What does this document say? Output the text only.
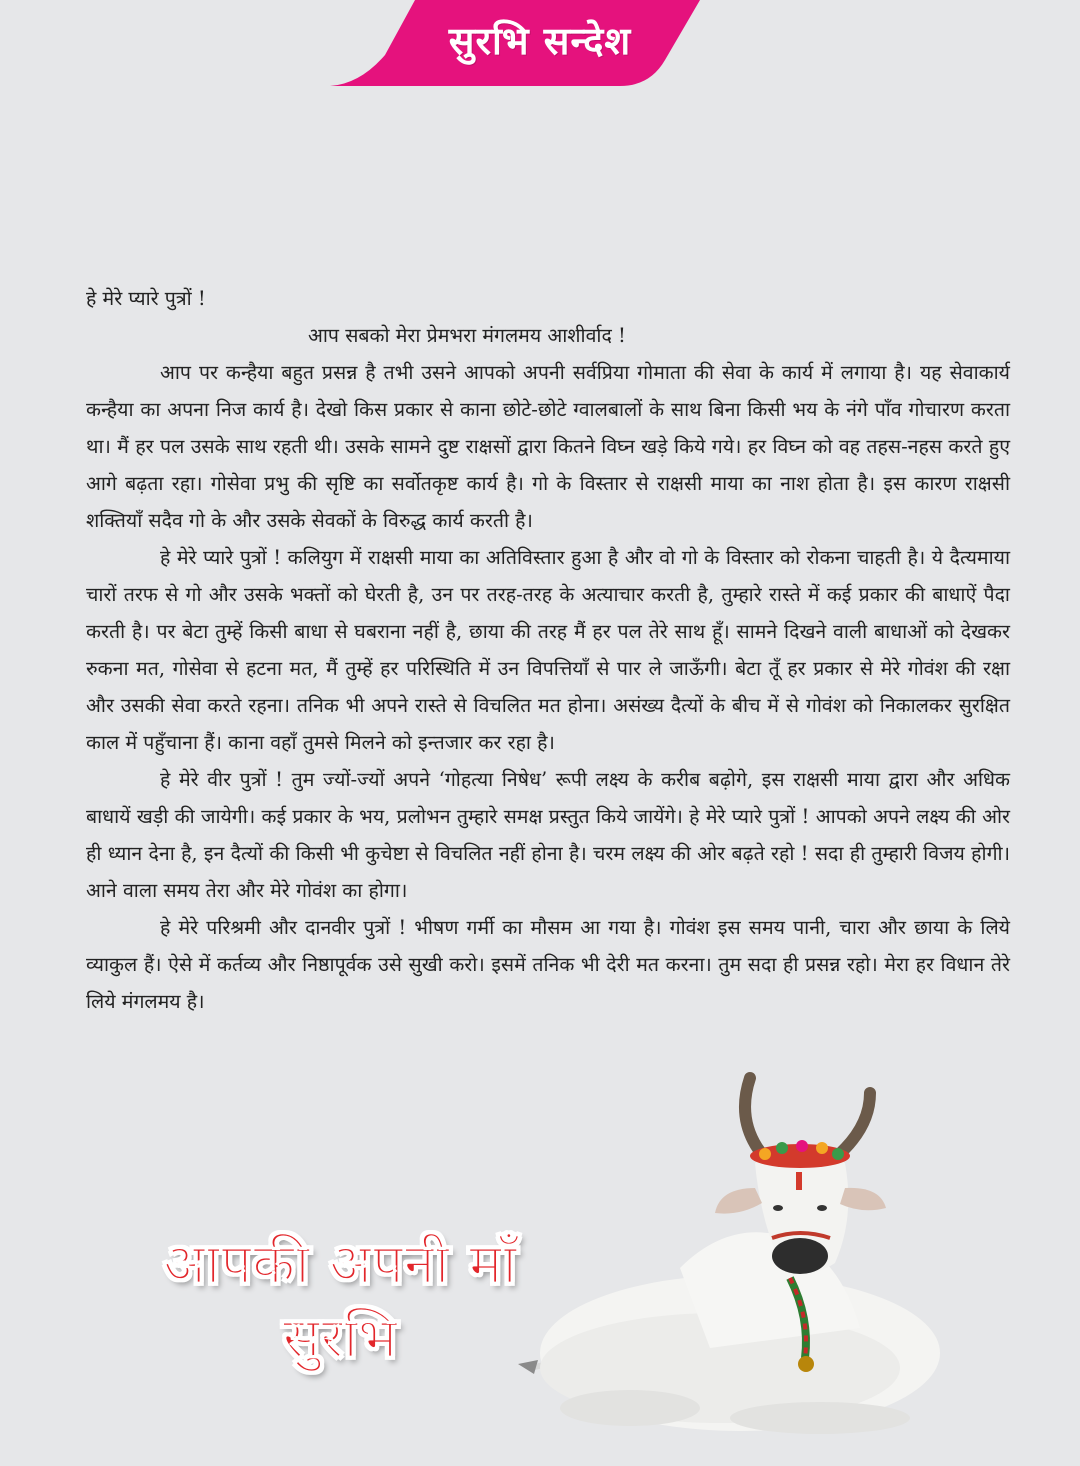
सुरभि सन्देश

हे मेरे प्यारे पुत्रों !

आप सबको मेरा प्रेमभरा मंगलमय आशीर्वाद !

आप पर कन्हैया बहुत प्रसन्न है तभी उसने आपको अपनी सर्वप्रिया गोमाता की सेवा के कार्य में लगाया है। यह सेवाकार्य कन्हैया का अपना निज कार्य है। देखो किस प्रकार से काना छोटे-छोटे ग्वालबालों के साथ बिना किसी भय के नंगे पाँव गोचारण करता था। मैं हर पल उसके साथ रहती थी। उसके सामने दुष्ट राक्षसों द्वारा कितने विघ्न खड़े किये गये। हर विघ्न को वह तहस-नहस करते हुए आगे बढ़ता रहा। गोसेवा प्रभु की सृष्टि का सर्वोतकृष्ट कार्य है। गो के विस्तार से राक्षसी माया का नाश होता है। इस कारण राक्षसी शक्तियाँ सदैव गो के और उसके सेवकों के विरुद्ध कार्य करती है।

हे मेरे प्यारे पुत्रों ! कलियुग में राक्षसी माया का अतिविस्तार हुआ है और वो गो के विस्तार को रोकना चाहती है। ये दैत्यमाया चारों तरफ से गो और उसके भक्तों को घेरती है, उन पर तरह-तरह के अत्याचार करती है, तुम्हारे रास्ते में कई प्रकार की बाधाऐं पैदा करती है। पर बेटा तुम्हें किसी बाधा से घबराना नहीं है, छाया की तरह मैं हर पल तेरे साथ हूँ। सामने दिखने वाली बाधाओं को देखकर रुकना मत, गोसेवा से हटना मत, मैं तुम्हें हर परिस्थिति में उन विपत्तियाँ से पार ले जाऊँगी। बेटा तूँ हर प्रकार से मेरे गोवंश की रक्षा और उसकी सेवा करते रहना। तनिक भी अपने रास्ते से विचलित मत होना। असंख्य दैत्यों के बीच में से गोवंश को निकालकर सुरक्षित काल में पहुँचाना हैं। काना वहाँ तुमसे मिलने को इन्तजार कर रहा है।

हे मेरे वीर पुत्रों ! तुम ज्यों-ज्यों अपने ‘गोहत्या निषेध’ रूपी लक्ष्य के करीब बढ़ोगे, इस राक्षसी माया द्वारा और अधिक बाधायें खड़ी की जायेगी। कई प्रकार के भय, प्रलोभन तुम्हारे समक्ष प्रस्तुत किये जायेंगे। हे मेरे प्यारे पुत्रों ! आपको अपने लक्ष्य की ओर ही ध्यान देना है, इन दैत्यों की किसी भी कुचेष्टा से विचलित नहीं होना है। चरम लक्ष्य की ओर बढ़ते रहो ! सदा ही तुम्हारी विजय होगी। आने वाला समय तेरा और मेरे गोवंश का होगा।

हे मेरे परिश्रमी और दानवीर पुत्रों ! भीषण गर्मी का मौसम आ गया है। गोवंश इस समय पानी, चारा और छाया के लिये व्याकुल हैं। ऐसे में कर्तव्य और निष्ठापूर्वक उसे सुखी करो। इसमें तनिक भी देरी मत करना। तुम सदा ही प्रसन्न रहो। मेरा हर विधान तेरे लिये मंगलमय है।

आपकी अपनी माँ
सुरभि
